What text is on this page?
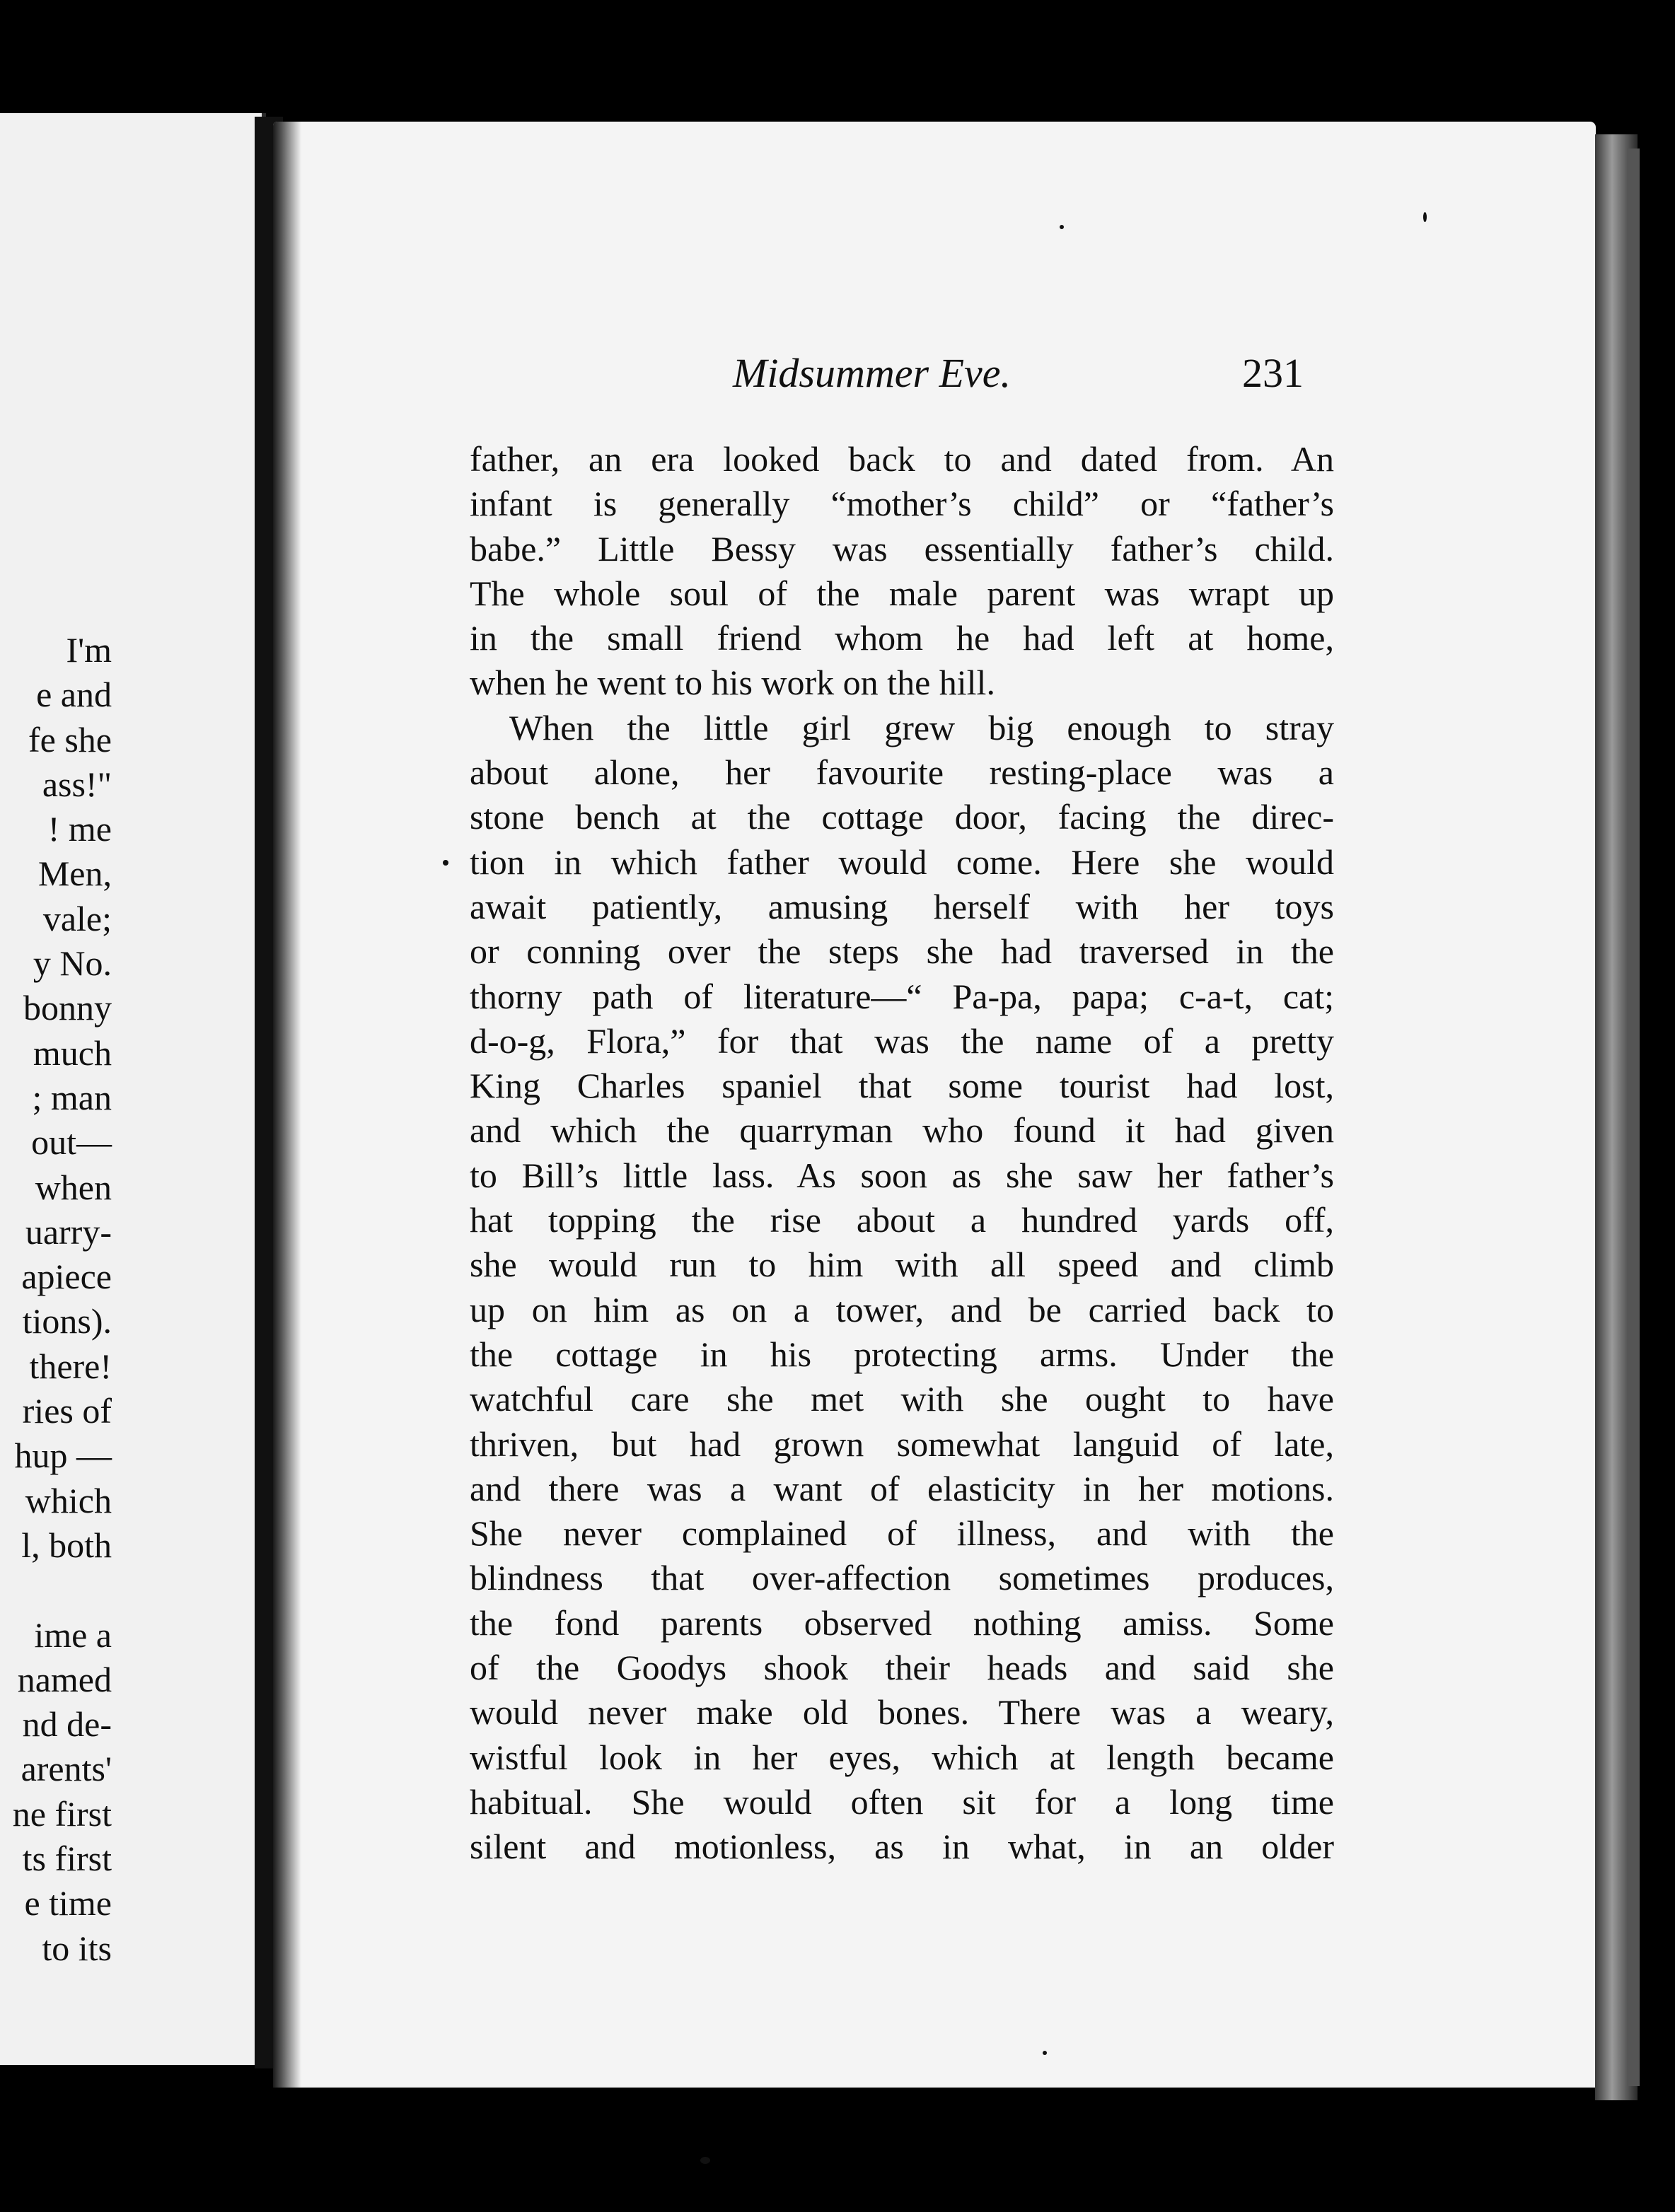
I'm
e and
fe she
ass!"
! me
Men,
vale;
y No.
bonny
much
; man
out—
when
uarry-
apiece
tions).
there!
ries of
hup —
which
l, both

ime a
named
nd de-
arents'
ne first
ts first
e time
to its
Midsummer Eve.	231
father, an era looked back to and dated from. An
infant is generally “mother’s child” or “father’s
babe.” Little Bessy was essentially father’s child.
The whole soul of the male parent was wrapt up
in the small friend whom he had left at home,
when he went to his work on the hill.
When the little girl grew big enough to stray
about alone, her favourite resting-place was a
stone bench at the cottage door, facing the direc-
tion in which father would come. Here she would
await patiently, amusing herself with her toys
or conning over the steps she had traversed in the
thorny path of literature—“ Pa-pa, papa; c-a-t, cat;
d-o-g, Flora,” for that was the name of a pretty
King Charles spaniel that some tourist had lost,
and which the quarryman who found it had given
to Bill’s little lass. As soon as she saw her father’s
hat topping the rise about a hundred yards off,
she would run to him with all speed and climb
up on him as on a tower, and be carried back to
the cottage in his protecting arms. Under the
watchful care she met with she ought to have
thriven, but had grown somewhat languid of late,
and there was a want of elasticity in her motions.
She never complained of illness, and with the
blindness that over-affection sometimes produces,
the fond parents observed nothing amiss. Some
of the Goodys shook their heads and said she
would never make old bones. There was a weary,
wistful look in her eyes, which at length became
habitual. She would often sit for a long time
silent and motionless, as in what, in an older
